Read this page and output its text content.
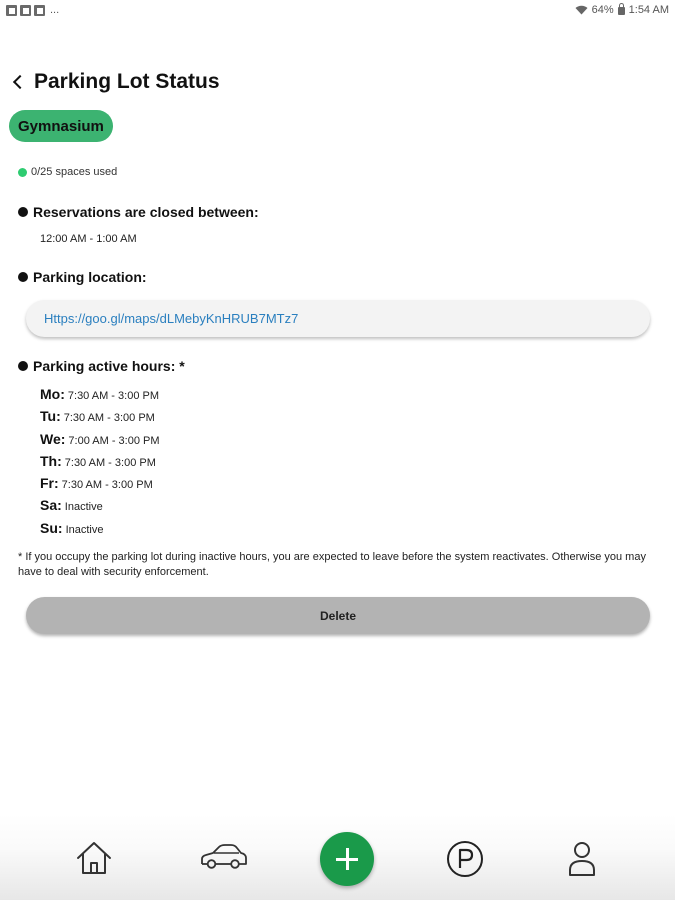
...	64% 1:54 AM
Parking Lot Status
Gymnasium
0/25 spaces used
Reservations are closed between:
12:00 AM - 1:00 AM
Parking location:
Https://goo.gl/maps/dLMebyKnHRUB7MTz7
Parking active hours: *
Mo: 7:30 AM - 3:00 PM
Tu: 7:30 AM - 3:00 PM
We: 7:00 AM - 3:00 PM
Th: 7:30 AM - 3:00 PM
Fr: 7:30 AM - 3:00 PM
Sa: Inactive
Su: Inactive
* If you occupy the parking lot during inactive hours, you are expected to leave before the system reactivates. Otherwise you may have to deal with security enforcement.
Delete
